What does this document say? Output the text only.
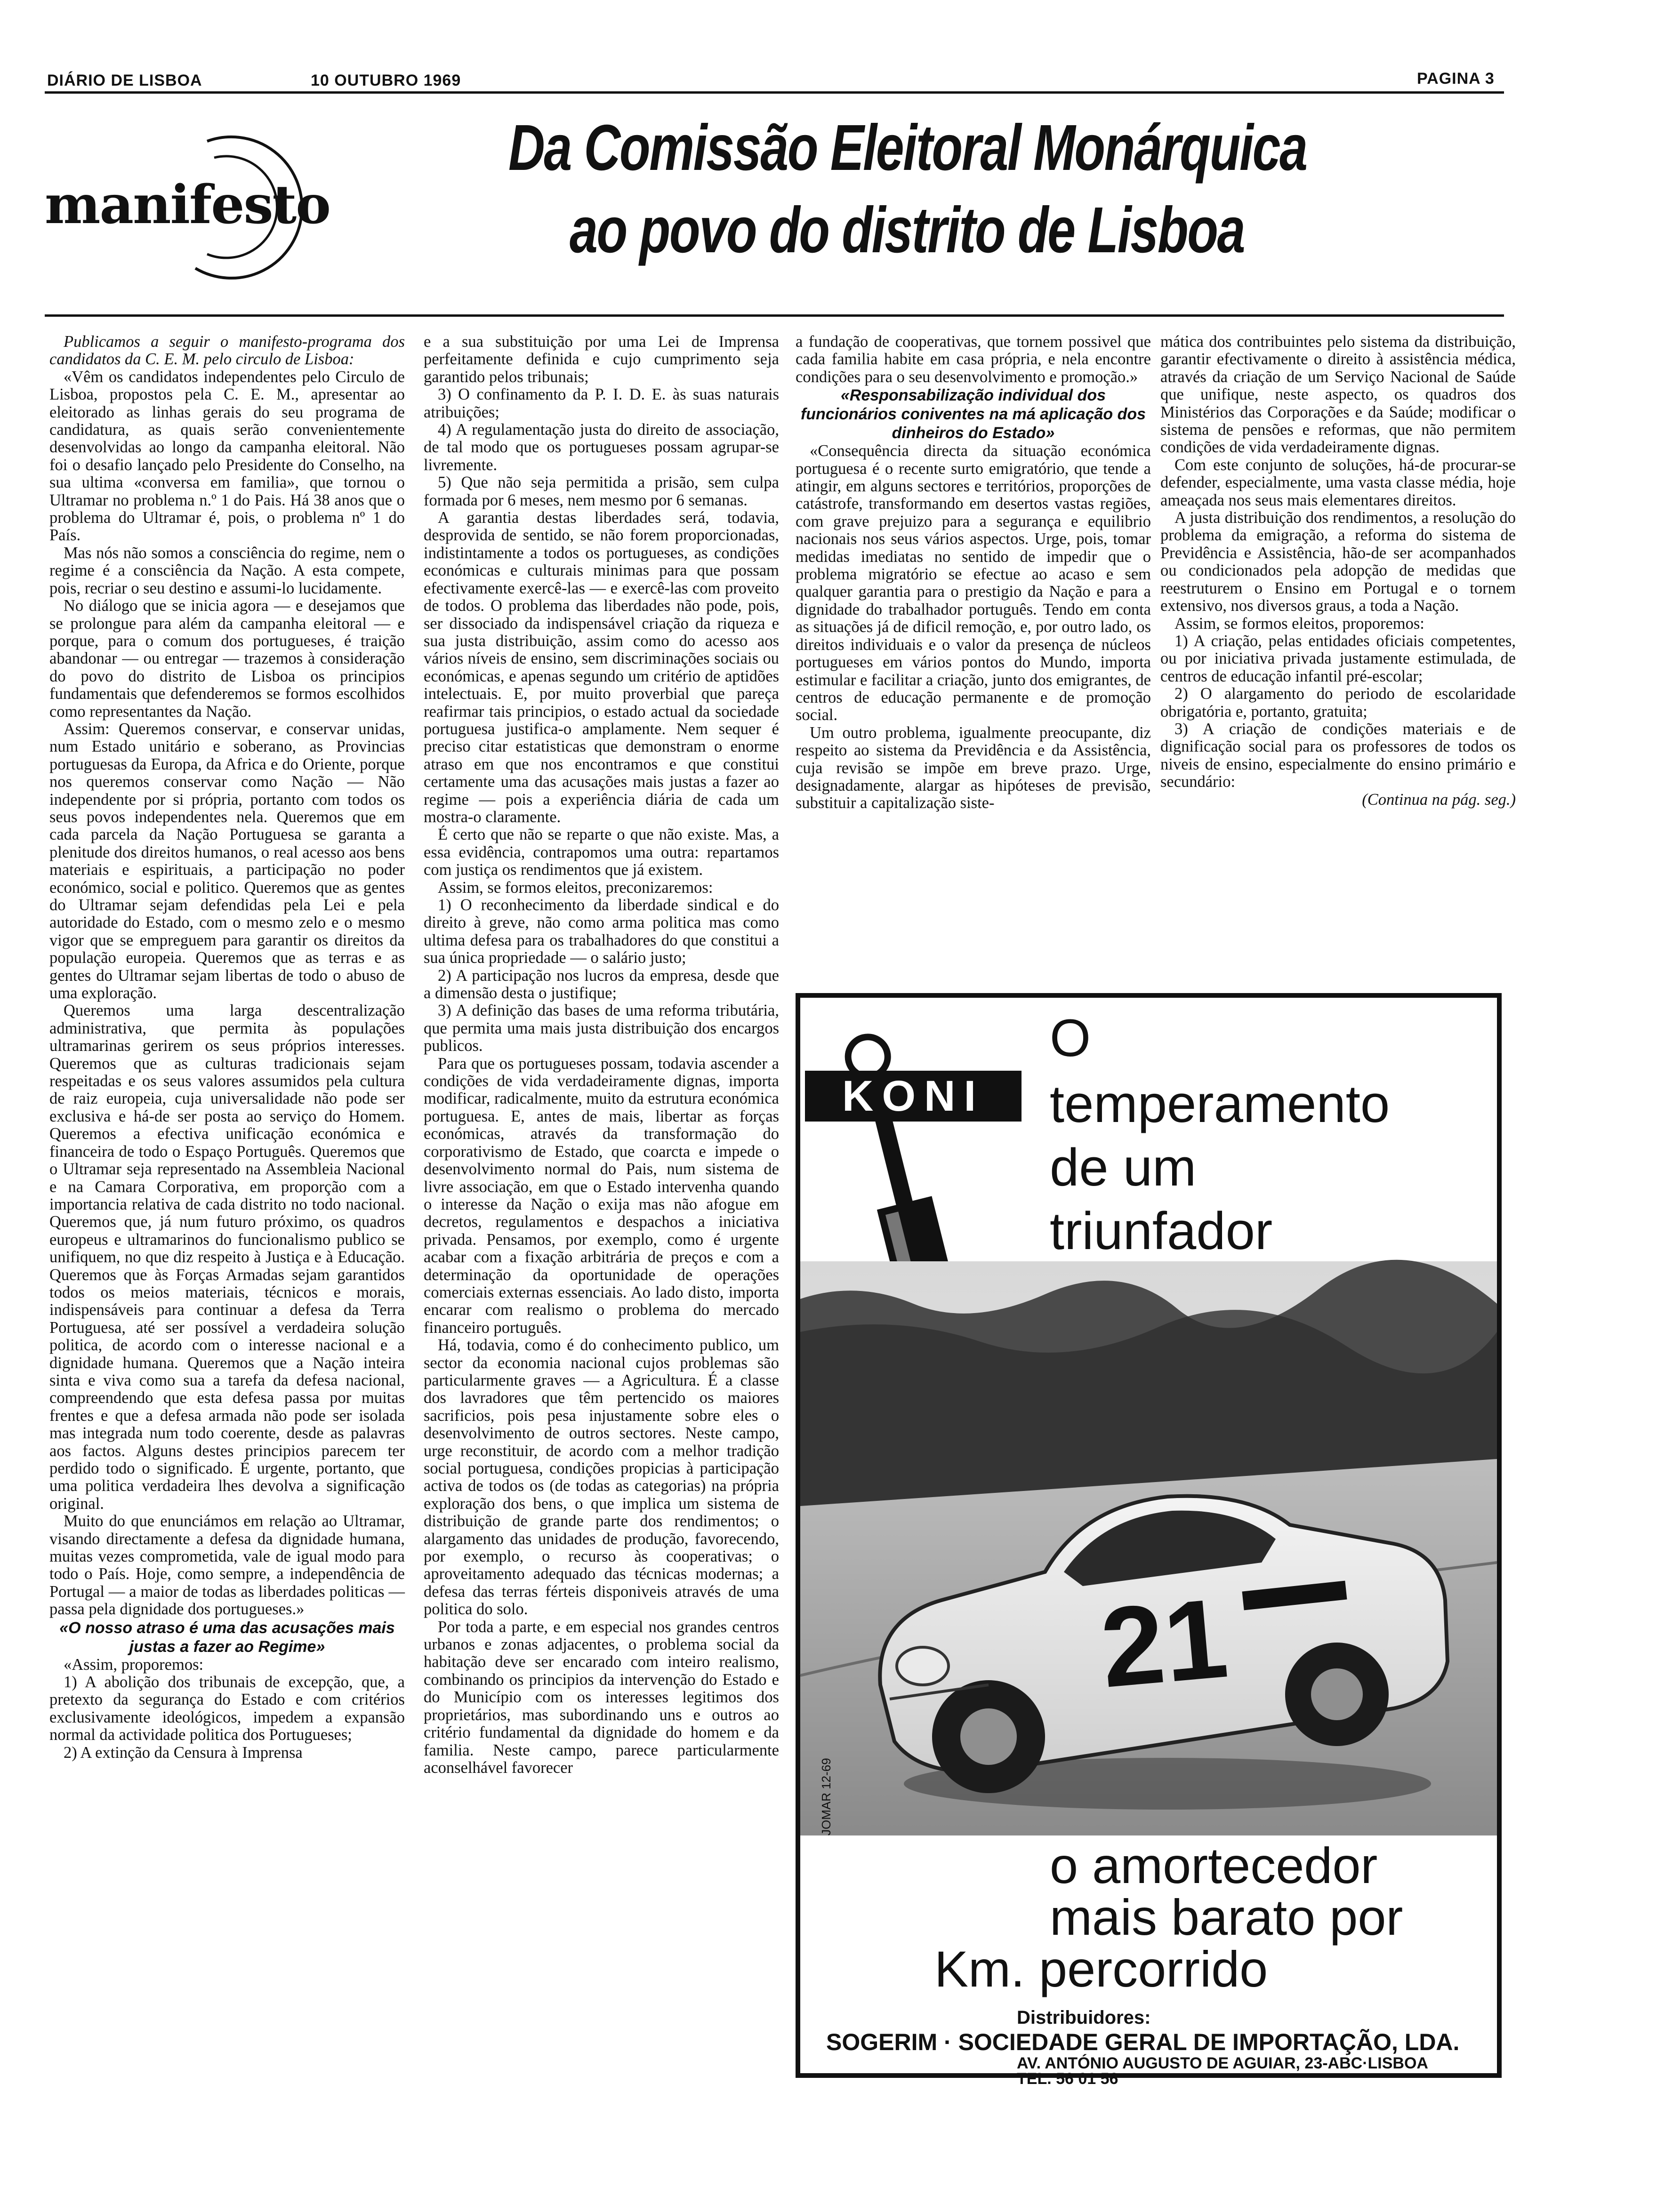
DIÁRIO DE LISBOA	10 OUTUBRO 1969	PAGINA 3
manifesto
Da Comissão Eleitoral Monárquica
ao povo do distrito de Lisboa

Publicamos a seguir o manifesto-programa dos candidatos da C. E. M. pelo circulo de Lisboa:

«Vêm os candidatos independentes pelo Circulo de Lisboa, propostos pela C. E. M., apresentar ao eleitorado as linhas gerais do seu programa de candidatura, as quais serão convenientemente desenvolvidas ao longo da campanha eleitoral. Não foi o desafio lançado pelo Presidente do Conselho, na sua ultima «conversa em familia», que tornou o Ultramar no problema n.º 1 do Pais. Há 38 anos que o problema do Ultramar é, pois, o problema nº 1 do País.

Mas nós não somos a consciência do regime, nem o regime é a consciência da Nação. A esta compete, pois, recriar o seu destino e assumi-lo lucidamente.

No diálogo que se inicia agora — e desejamos que se prolongue para além da campanha eleitoral — e porque, para o comum dos portugueses, é traição abandonar — ou entregar — trazemos à consideração do povo do distrito de Lisboa os principios fundamentais que defenderemos se formos escolhidos como representantes da Nação.

Assim: Queremos conservar, e conservar unidas, num Estado unitário e soberano, as Provincias portuguesas da Europa, da Africa e do Oriente, porque nos queremos conservar como Nação — Não independente por si própria, portanto com todos os seus povos independentes nela. Queremos que em cada parcela da Nação Portuguesa se garanta a plenitude dos direitos humanos, o real acesso aos bens materiais e espirituais, a participação no poder económico, social e politico. Queremos que as gentes do Ultramar sejam defendidas pela Lei e pela autoridade do Estado, com o mesmo zelo e o mesmo vigor que se empreguem para garantir os direitos da população europeia. Queremos que as terras e as gentes do Ultramar sejam libertas de todo o abuso de uma exploração.

Queremos uma larga descentralização administrativa, que permita às populações ultramarinas gerirem os seus próprios interesses. Queremos que as culturas tradicionais sejam respeitadas e os seus valores assumidos pela cultura de raiz europeia, cuja universalidade não pode ser exclusiva e há-de ser posta ao serviço do Homem. Queremos a efectiva unificação económica e financeira de todo o Espaço Português. Queremos que o Ultramar seja representado na Assembleia Nacional e na Camara Corporativa, em proporção com a importancia relativa de cada distrito no todo nacional. Queremos que, já num futuro próximo, os quadros europeus e ultramarinos do funcionalismo publico se unifiquem, no que diz respeito à Justiça e à Educação. Queremos que às Forças Armadas sejam garantidos todos os meios materiais, técnicos e morais, indispensáveis para continuar a defesa da Terra Portuguesa, até ser possível a verdadeira solução politica, de acordo com o interesse nacional e a dignidade humana. Queremos que a Nação inteira sinta e viva como sua a tarefa da defesa nacional, compreendendo que esta defesa passa por muitas frentes e que a defesa armada não pode ser isolada mas integrada num todo coerente, desde as palavras aos factos. Alguns destes principios parecem ter perdido todo o significado. É urgente, portanto, que uma politica verdadeira lhes devolva a significação original.

Muito do que enunciámos em relação ao Ultramar, visando directamente a defesa da dignidade humana, muitas vezes comprometida, vale de igual modo para todo o País. Hoje, como sempre, a independência de Portugal — a maior de todas as liberdades politicas — passa pela dignidade dos portugueses.»

«O nosso atraso é uma das acusações mais justas a fazer ao Regime»

«Assim, proporemos:

1) A abolição dos tribunais de excepção, que, a pretexto da segurança do Estado e com critérios exclusivamente ideológicos, impedem a expansão normal da actividade politica dos Portugueses;

2) A extinção da Censura à Imprensa

e a sua substituição por uma Lei de Imprensa perfeitamente definida e cujo cumprimento seja garantido pelos tribunais;

3) O confinamento da P. I. D. E. às suas naturais atribuições;

4) A regulamentação justa do direito de associação, de tal modo que os portugueses possam agrupar-se livremente.

5) Que não seja permitida a prisão, sem culpa formada por 6 meses, nem mesmo por 6 semanas.

A garantia destas liberdades será, todavia, desprovida de sentido, se não forem proporcionadas, indistintamente a todos os portugueses, as condições económicas e culturais minimas para que possam efectivamente exercê-las — e exercê-las com proveito de todos. O problema das liberdades não pode, pois, ser dissociado da indispensável criação da riqueza e sua justa distribuição, assim como do acesso aos vários níveis de ensino, sem discriminações sociais ou económicas, e apenas segundo um critério de aptidões intelectuais. E, por muito proverbial que pareça reafirmar tais principios, o estado actual da sociedade portuguesa justifica-o amplamente. Nem sequer é preciso citar estatisticas que demonstram o enorme atraso em que nos encontramos e que constitui certamente uma das acusações mais justas a fazer ao regime — pois a experiência diária de cada um mostra-o claramente.

É certo que não se reparte o que não existe. Mas, a essa evidência, contrapomos uma outra: repartamos com justiça os rendimentos que já existem.

Assim, se formos eleitos, preconizaremos:

1) O reconhecimento da liberdade sindical e do direito à greve, não como arma politica mas como ultima defesa para os trabalhadores do que constitui a sua única propriedade — o salário justo;

2) A participação nos lucros da empresa, desde que a dimensão desta o justifique;

3) A definição das bases de uma reforma tributária, que permita uma mais justa distribuição dos encargos publicos.

Para que os portugueses possam, todavia ascender a condições de vida verdadeiramente dignas, importa modificar, radicalmente, muito da estrutura económica portuguesa. E, antes de mais, libertar as forças económicas, através da transformação do corporativismo de Estado, que coarcta e impede o desenvolvimento normal do Pais, num sistema de livre associação, em que o Estado intervenha quando o interesse da Nação o exija mas não afogue em decretos, regulamentos e despachos a iniciativa privada. Pensamos, por exemplo, como é urgente acabar com a fixação arbitrária de preços e com a determinação da oportunidade de operações comerciais externas essenciais. Ao lado disto, importa encarar com realismo o problema do mercado financeiro português.

Há, todavia, como é do conhecimento publico, um sector da economia nacional cujos problemas são particularmente graves — a Agricultura. É a classe dos lavradores que têm pertencido os maiores sacrificios, pois pesa injustamente sobre eles o desenvolvimento de outros sectores. Neste campo, urge reconstituir, de acordo com a melhor tradição social portuguesa, condições propicias à participação activa de todos os (de todas as categorias) na própria exploração dos bens, o que implica um sistema de distribuição de grande parte dos rendimentos; o alargamento das unidades de produção, favorecendo, por exemplo, o recurso às cooperativas; o aproveitamento adequado das técnicas modernas; a defesa das terras férteis disponiveis através de uma politica do solo.

Por toda a parte, e em especial nos grandes centros urbanos e zonas adjacentes, o problema social da habitação deve ser encarado com inteiro realismo, combinando os principios da intervenção do Estado e do Município com os interesses legitimos dos proprietários, mas subordinando uns e outros ao critério fundamental da dignidade do homem e da familia. Neste campo, parece particularmente aconselhável favorecer

a fundação de cooperativas, que tornem possivel que cada familia habite em casa própria, e nela encontre condições para o seu desenvolvimento e promoção.»

«Responsabilização individual dos funcionários coniventes na má aplicação dos dinheiros do Estado»

«Consequência directa da situação económica portuguesa é o recente surto emigratório, que tende a atingir, em alguns sectores e territórios, proporções de catástrofe, transformando em desertos vastas regiões, com grave prejuizo para a segurança e equilibrio nacionais nos seus vários aspectos. Urge, pois, tomar medidas imediatas no sentido de impedir que o problema migratório se efectue ao acaso e sem qualquer garantia para o prestigio da Nação e para a dignidade do trabalhador português. Tendo em conta as situações já de dificil remoção, e, por outro lado, os direitos individuais e o valor da presença de núcleos portugueses em vários pontos do Mundo, importa estimular e facilitar a criação, junto dos emigrantes, de centros de educação permanente e de promoção social.

Um outro problema, igualmente preocupante, diz respeito ao sistema da Previdência e da Assistência, cuja revisão se impõe em breve prazo. Urge, designadamente, alargar as hipóteses de previsão, substituir a capitalização siste-

mática dos contribuintes pelo sistema da distribuição, garantir efectivamente o direito à assistência médica, através da criação de um Serviço Nacional de Saúde que unifique, neste aspecto, os quadros dos Ministérios das Corporações e da Saúde; modificar o sistema de pensões e reformas, que não permitem condições de vida verdadeiramente dignas.

Com este conjunto de soluções, há-de procurar-se defender, especialmente, uma vasta classe média, hoje ameaçada nos seus mais elementares direitos.

A justa distribuição dos rendimentos, a resolução do problema da emigração, a reforma do sistema de Previdência e Assistência, hão-de ser acompanhados ou condicionados pela adopção de medidas que reestruturem o Ensino em Portugal e o tornem extensivo, nos diversos graus, a toda a Nação.

Assim, se formos eleitos, proporemos:

1) A criação, pelas entidades oficiais competentes, ou por iniciativa privada justamente estimulada, de centros de educação infantil pré-escolar;

2) O alargamento do periodo de escolaridade obrigatória e, portanto, gratuita;

3) A criação de condições materiais e de dignificação social para os professores de todos os niveis de ensino, especialmente do ensino primário e secundário:

(Continua na pág. seg.)

KONI
O
temperamento
de um
triunfador
21
JOMAR 12-69
o amortecedor
mais barato por
Km. percorrido
Distribuidores:
SOGERIM · SOCIEDADE GERAL DE IMPORTAÇÃO, LDA.
AV. ANTÓNIO AUGUSTO DE AGUIAR, 23-ABC·LISBOA
TEL. 56 01 56
